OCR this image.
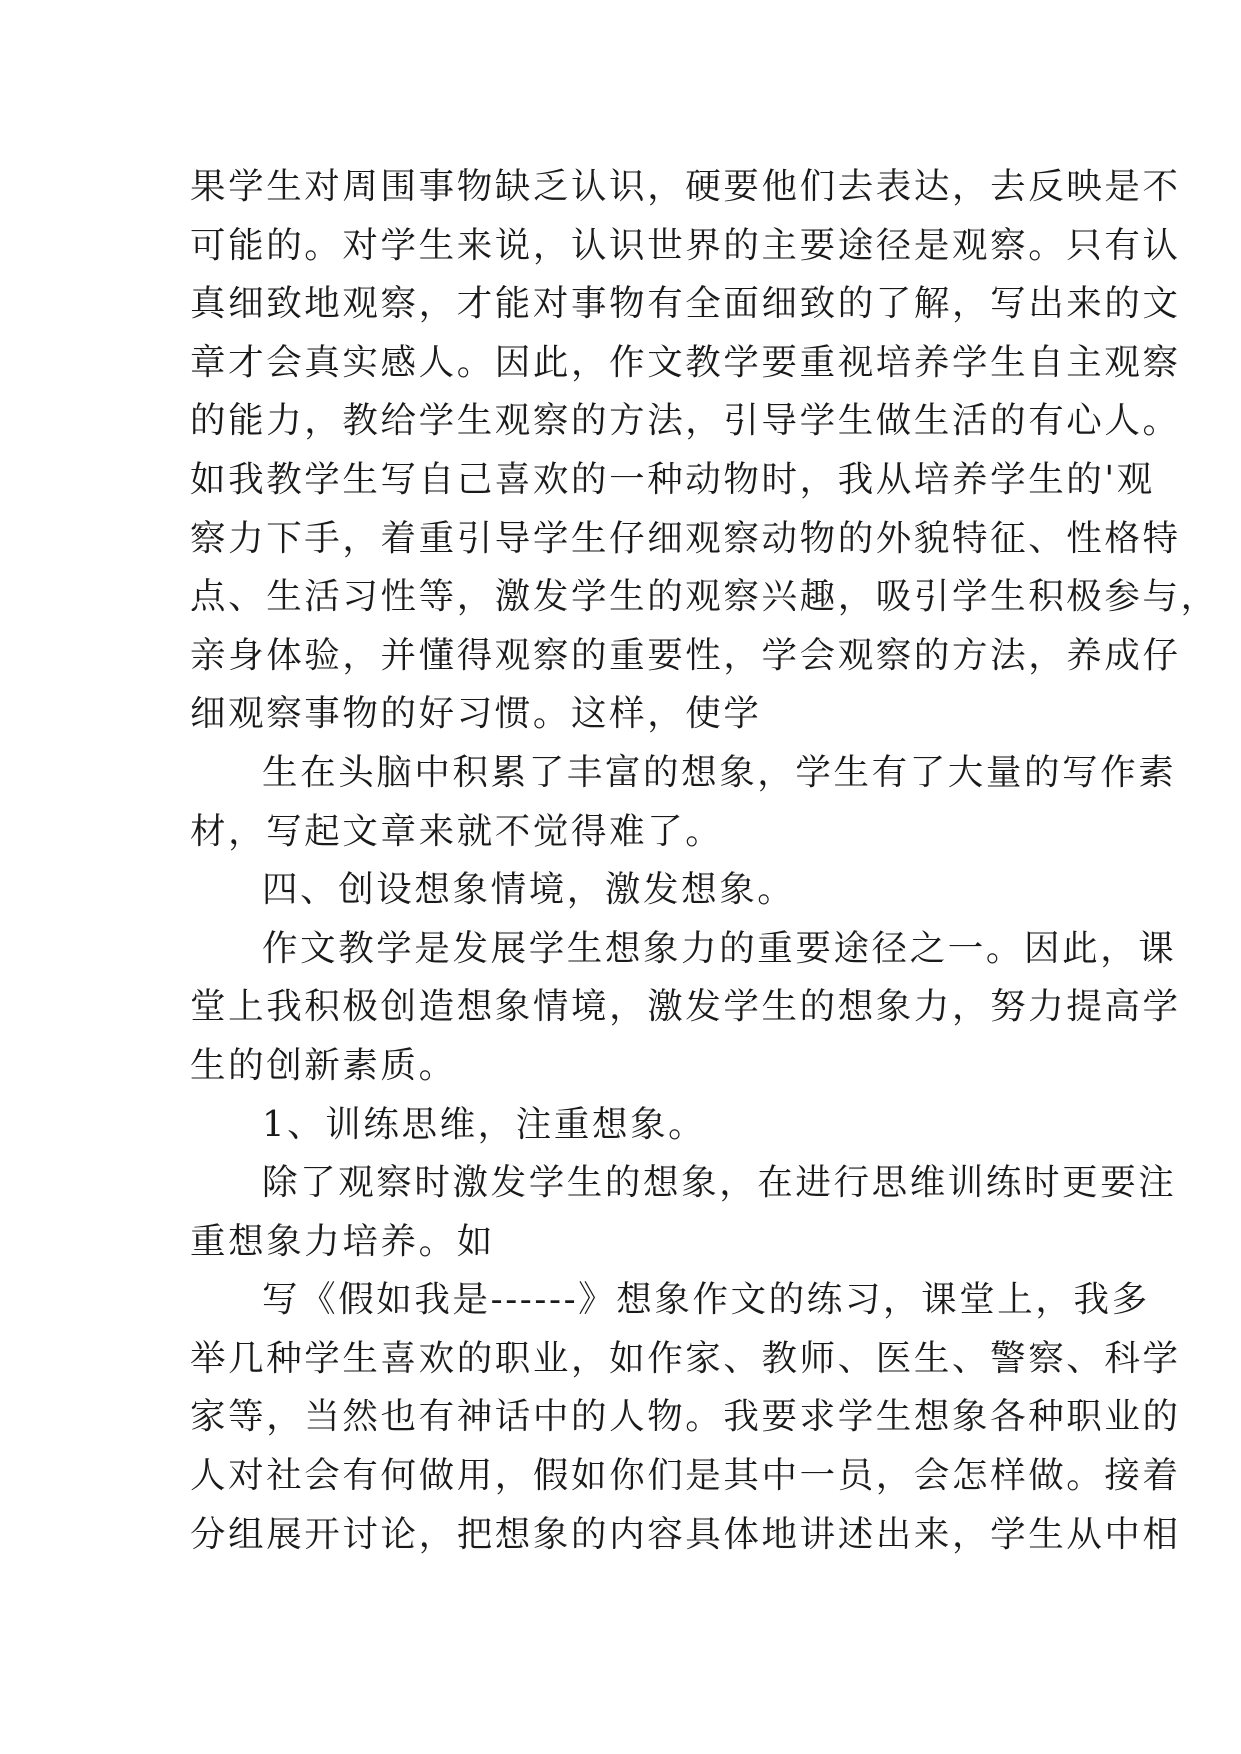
果学生对周围事物缺乏认识，硬要他们去表达，去反映是不
可能的。对学生来说，认识世界的主要途径是观察。只有认
真细致地观察，才能对事物有全面细致的了解，写出来的文
章才会真实感人。因此，作文教学要重视培养学生自主观察
的能力，教给学生观察的方法，引导学生做生活的有心人。
如我教学生写自己喜欢的一种动物时，我从培养学生的'观
察力下手，着重引导学生仔细观察动物的外貌特征、性格特
点、生活习性等，激发学生的观察兴趣，吸引学生积极参与，
亲身体验，并懂得观察的重要性，学会观察的方法，养成仔
细观察事物的好习惯。这样，使学
生在头脑中积累了丰富的想象，学生有了大量的写作素
材，写起文章来就不觉得难了。
四、创设想象情境，激发想象。
作文教学是发展学生想象力的重要途径之一。因此，课
堂上我积极创造想象情境，激发学生的想象力，努力提高学
生的创新素质。
1、训练思维，注重想象。
除了观察时激发学生的想象，在进行思维训练时更要注
重想象力培养。如
写《假如我是------》想象作文的练习，课堂上，我多
举几种学生喜欢的职业，如作家、教师、医生、警察、科学
家等，当然也有神话中的人物。我要求学生想象各种职业的
人对社会有何做用，假如你们是其中一员，会怎样做。接着
分组展开讨论，把想象的内容具体地讲述出来，学生从中相
